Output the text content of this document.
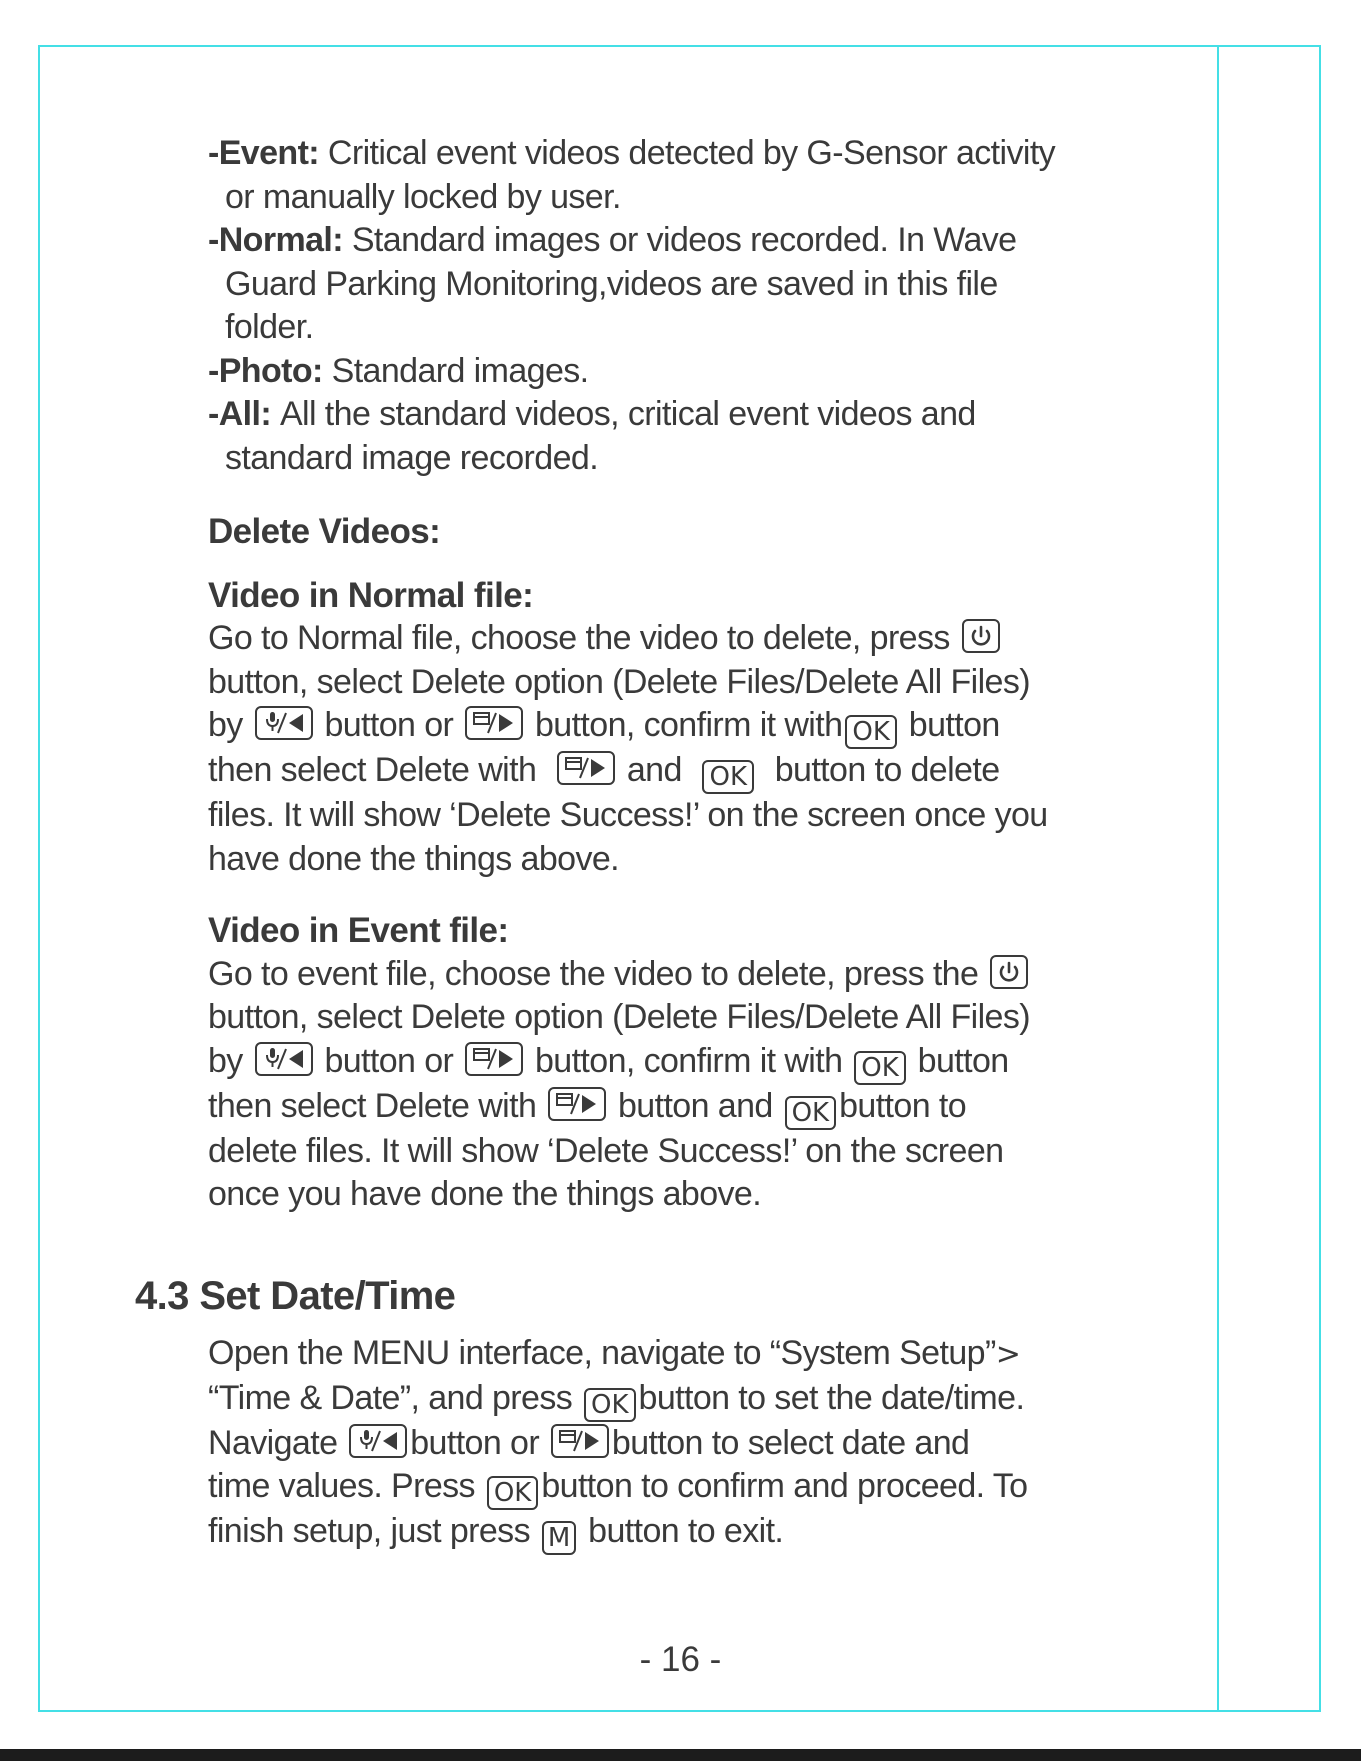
-Event: Critical event videos detected by G-Sensor activity
or manually locked by user.
-Normal: Standard images or videos recorded. In Wave
Guard Parking Monitoring,videos are saved in this file
folder.
-Photo: Standard images.
-All: All the standard videos, critical event videos and
standard image recorded.
Delete Videos:
Video in Normal file:
Go to Normal file, choose the video to delete, press
button, select Delete option (Delete Files/Delete All Files)
by button or button, confirm it with OK button
then select Delete with	and OK button to delete
files. It will show ‘Delete Success!’ on the screen once you
have done the things above.
Video in Event file:
Go to event file, choose the video to delete, press the
button, select Delete option (Delete Files/Delete All Files)
by button or button, confirm it with OK button
then select Delete with button and OK button to
delete files. It will show ‘Delete Success!’ on the screen
once you have done the things above.
4.3 Set Date/Time
Open the MENU interface, navigate to “System Setup”>
“Time & Date”, and press OK button to set the date/time.
Navigate button or button to select date and
time values. Press OK button to confirm and proceed. To
finish setup, just press M button to exit.
- 16 -
